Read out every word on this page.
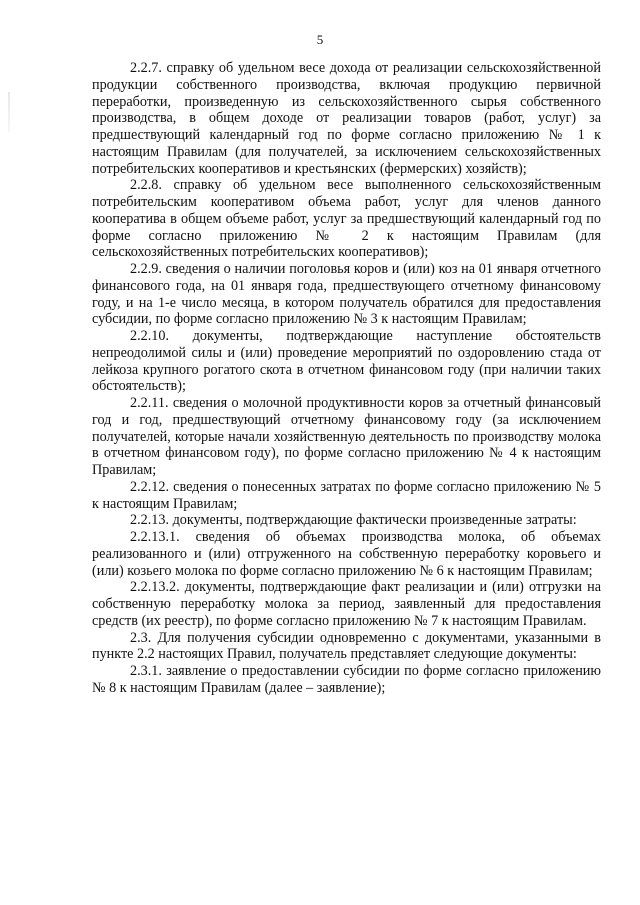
5

2.2.7. справку об удельном весе дохода от реализации сельскохозяйственной продукции собственного производства, включая продукцию первичной переработки, произведенную из сельскохозяйственного сырья собственного производства, в общем доходе от реализации товаров (работ, услуг) за предшествующий календарный год по форме согласно приложению № 1 к настоящим Правилам (для получателей, за исключением сельскохозяйственных потребительских кооперативов и крестьянских (фермерских) хозяйств);

2.2.8. справку об удельном весе выполненного сельскохозяйственным потребительским кооперативом объема работ, услуг для членов данного кооператива в общем объеме работ, услуг за предшествующий календарный год по форме согласно приложению № 2 к настоящим Правилам (для сельскохозяйственных потребительских кооперативов);

2.2.9. сведения о наличии поголовья коров и (или) коз на 01 января отчетного финансового года, на 01 января года, предшествующего отчетному финансовому году, и на 1-е число месяца, в котором получатель обратился для предоставления субсидии, по форме согласно приложению № 3 к настоящим Правилам;

2.2.10. документы, подтверждающие наступление обстоятельств непреодолимой силы и (или) проведение мероприятий по оздоровлению стада от лейкоза крупного рогатого скота в отчетном финансовом году (при наличии таких обстоятельств);

2.2.11. сведения о молочной продуктивности коров за отчетный финансовый год и год, предшествующий отчетному финансовому году (за исключением получателей, которые начали хозяйственную деятельность по производству молока в отчетном финансовом году), по форме согласно приложению № 4 к настоящим Правилам;

2.2.12. сведения о понесенных затратах по форме согласно приложению № 5 к настоящим Правилам;

2.2.13. документы, подтверждающие фактически произведенные затраты:

2.2.13.1. сведения об объемах производства молока, об объемах реализованного и (или) отгруженного на собственную переработку коровьего и (или) козьего молока по форме согласно приложению № 6 к настоящим Правилам;

2.2.13.2. документы, подтверждающие факт реализации и (или) отгрузки на собственную переработку молока за период, заявленный для предоставления средств (их реестр), по форме согласно приложению № 7 к настоящим Правилам.

2.3. Для получения субсидии одновременно с документами, указанными в пункте 2.2 настоящих Правил, получатель представляет следующие документы:

2.3.1. заявление о предоставлении субсидии по форме согласно приложению № 8 к настоящим Правилам (далее – заявление);
